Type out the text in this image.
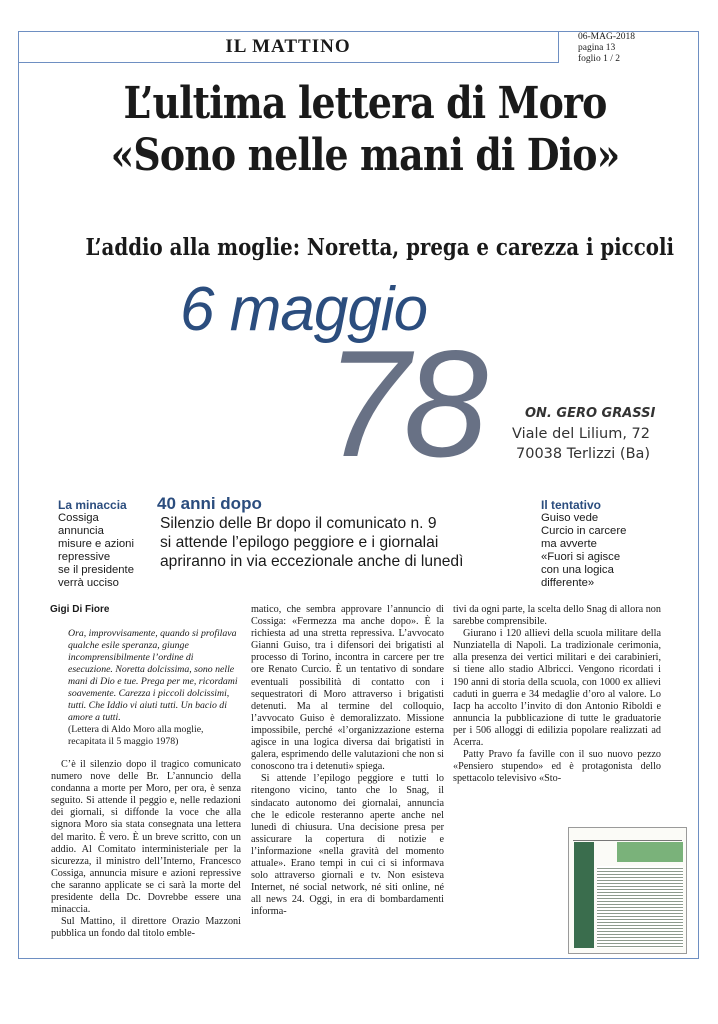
IL MATTINO	06-MAG-2018
pagina 13
foglio 1 / 2
L’ultima lettera di Moro
«Sono nelle mani di Dio»
L’addio alla moglie: Noretta, prega e carezza i piccoli
78
6 maggio
ON. GERO GRASSI
Viale del Lilium, 72
70038 Terlizzi (Ba)
La minaccia
Cossiga
annuncia
misure e azioni
repressive
se il presidente
verrà ucciso
40 anni dopo
Silenzio delle Br dopo il comunicato n. 9
si attende l’epilogo peggiore e i giornalai
apriranno in via eccezionale anche di lunedì
Il tentativo
Guiso vede
Curcio in carcere
ma avverte
«Fuori si agisce
con una logica
differente»
Gigi Di Fiore
Ora, improvvisamente, quando si profilava qualche esile speranza, giunge incomprensibilmente l’ordine di esecuzione. Noretta dolcissima, sono nelle mani di Dio e tue. Prega per me, ricordami soavemente. Carezza i piccoli dolcissimi, tutti. Che Iddio vi aiuti tutti. Un bacio di amore a tutti.
(Lettera di Aldo Moro alla moglie, recapitata il 5 maggio 1978)

C’è il silenzio dopo il tragico comunicato numero nove delle Br. L’annuncio della condanna a morte per Moro, per ora, è senza seguito. Si attende il peggio e, nelle redazioni dei giornali, si diffonde la voce che alla signora Moro sia stata consegnata una lettera del marito. È vero. È un breve scritto, con un addio. Al Comitato interministeriale per la sicurezza, il ministro dell’Interno, Francesco Cossiga, annuncia misure e azioni repressive che saranno applicate se ci sarà la morte del presidente della Dc. Dovrebbe essere una minaccia.

Sul Mattino, il direttore Orazio Mazzoni pubblica un fondo dal titolo emble-

matico, che sembra approvare l’annuncio di Cossiga: «Fermezza ma anche dopo». È la richiesta ad una stretta repressiva. L’avvocato Gianni Guiso, tra i difensori dei brigatisti al processo di Torino, incontra in carcere per tre ore Renato Curcio. È un tentativo di sondare eventuali possibilità di contatto con i sequestratori di Moro attraverso i brigatisti detenuti. Ma al termine del colloquio, l’avvocato Guiso è demoralizzato. Missione impossibile, perché «l’organizzazione esterna agisce in una logica diversa dai brigatisti in galera, esprimendo delle valutazioni che non si conoscono tra i detenuti» spiega.

Si attende l’epilogo peggiore e tutti lo ritengono vicino, tanto che lo Snag, il sindacato autonomo dei giornalai, annuncia che le edicole resteranno aperte anche nel lunedì di chiusura. Una decisione presa per assicurare la copertura di notizie e l’informazione «nella gravità del momento attuale». Erano tempi in cui ci si informava solo attraverso giornali e tv. Non esisteva Internet, né social network, né siti online, né all news 24. Oggi, in era di bombardamenti informa-

tivi da ogni parte, la scelta dello Snag di allora non sarebbe comprensibile.

Giurano i 120 allievi della scuola militare della Nunziatella di Napoli. La tradizionale cerimonia, alla presenza dei vertici militari e dei carabinieri, si tiene allo stadio Albricci. Vengono ricordati i 190 anni di storia della scuola, con 1000 ex allievi caduti in guerra e 34 medaglie d’oro al valore. Lo Iacp ha accolto l’invito di don Antonio Riboldi e annuncia la pubblicazione di tutte le graduatorie per i 506 alloggi di edilizia popolare realizzati ad Acerra.

Patty Pravo fa faville con il suo nuovo pezzo «Pensiero stupendo» ed è protagonista dello spettacolo televisivo «Sto-
